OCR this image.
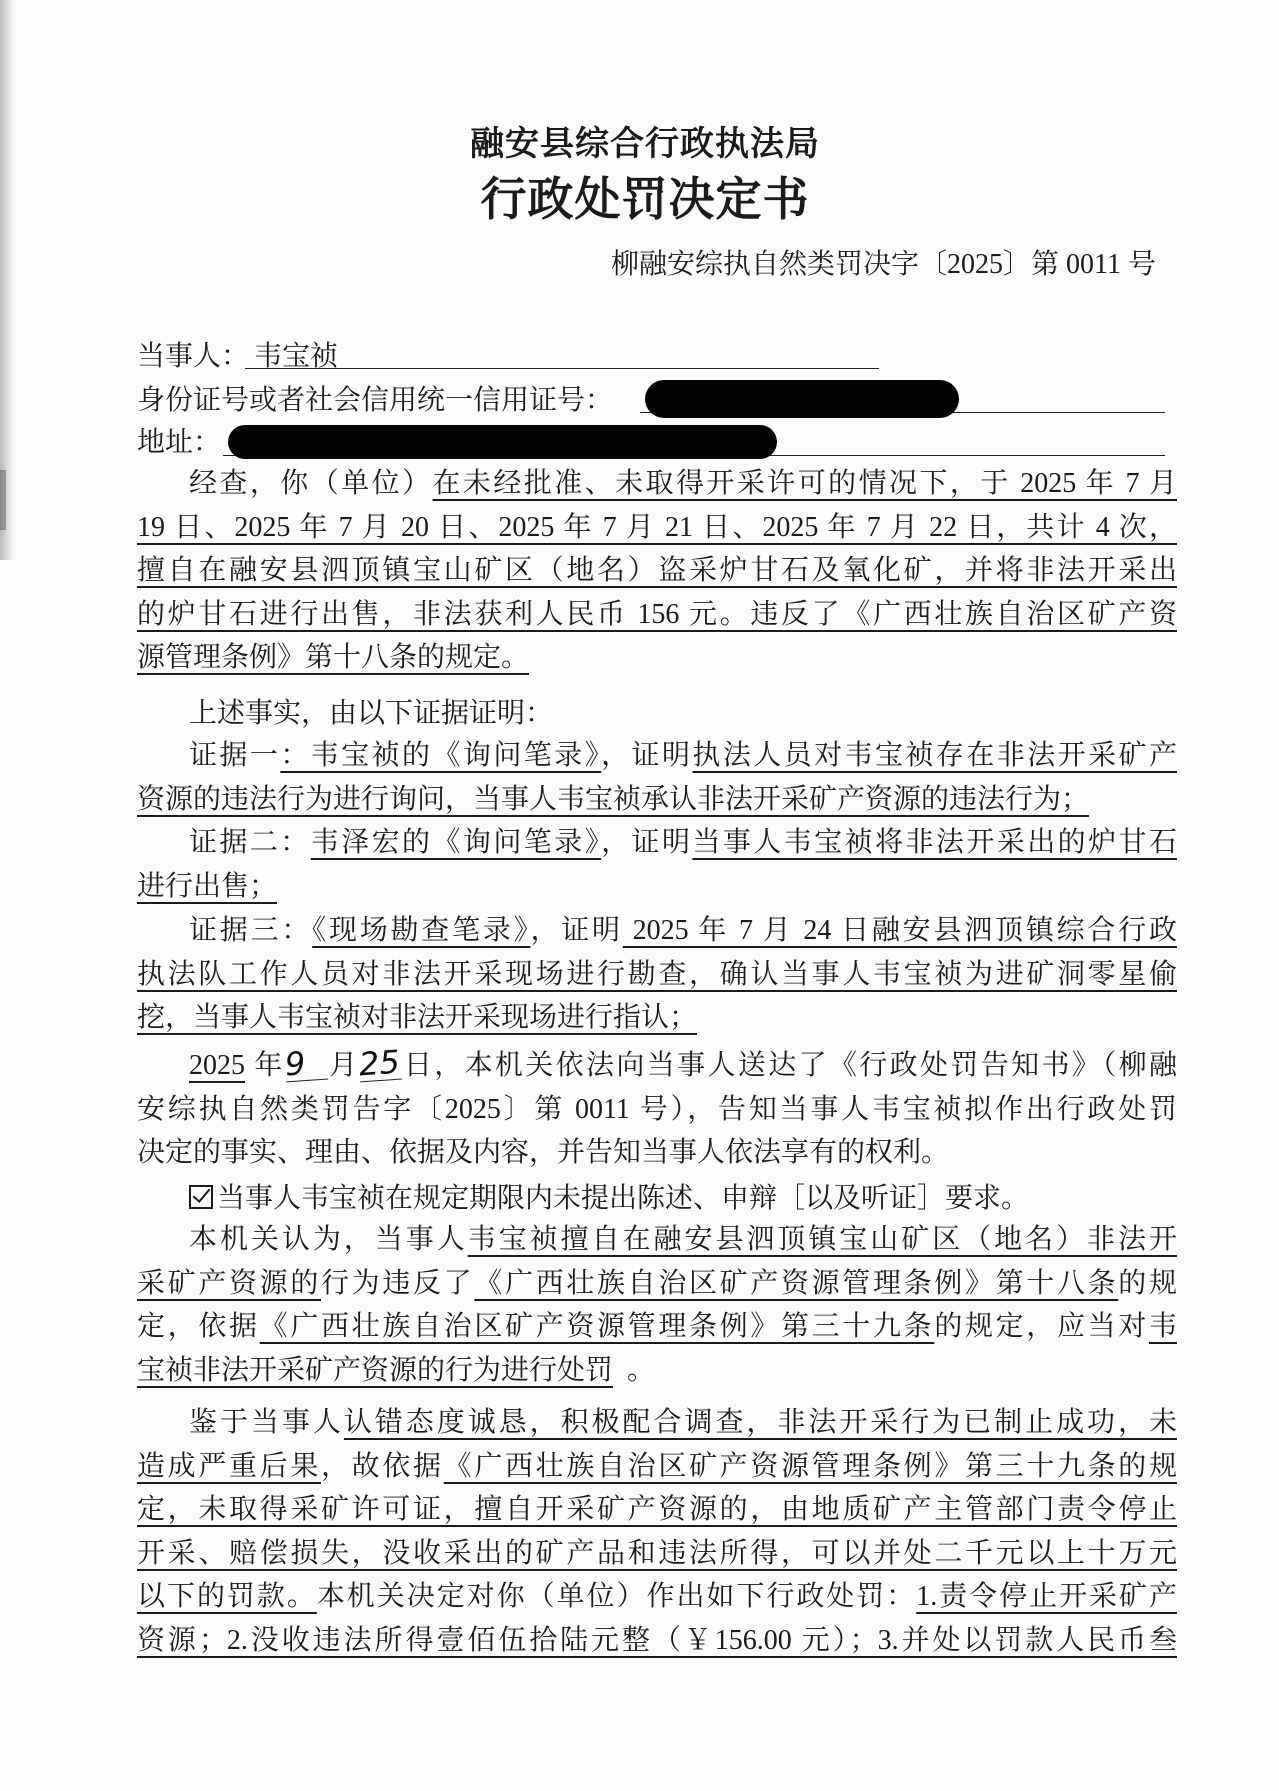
融安县综合行政执法局
行政处罚决定书
柳融安综执自然类罚决字〔2025〕第 0011 号
当事人： 韦宝祯
身份证号或者社会信用统一信用证号：
地址：
经查，你（单位）在未经批准、未取得开采许可的情况下，于 2025 年 7 月
19 日、2025 年 7 月 20 日、2025 年 7 月 21 日、2025 年 7 月 22 日，共计 4 次，
擅自在融安县泗顶镇宝山矿区（地名）盗采炉甘石及氧化矿，并将非法开采出
的炉甘石进行出售，非法获利人民币 156 元。违反了《广西壮族自治区矿产资
源管理条例》第十八条的规定。
上述事实，由以下证据证明：
证据一：韦宝祯的《询问笔录》，证明执法人员对韦宝祯存在非法开采矿产
资源的违法行为进行询问，当事人韦宝祯承认非法开采矿产资源的违法行为；
证据二：韦泽宏的《询问笔录》，证明当事人韦宝祯将非法开采出的炉甘石
进行出售；
证据三：《现场勘查笔录》，证明 2025 年 7 月 24 日融安县泗顶镇综合行政
执法队工作人员对非法开采现场进行勘查，确认当事人韦宝祯为进矿洞零星偷
挖，当事人韦宝祯对非法开采现场进行指认；
2025 年9 月25日，本机关依法向当事人送达了《行政处罚告知书》（柳融
安综执自然类罚告字〔2025〕第 0011 号），告知当事人韦宝祯拟作出行政处罚
决定的事实、理由、依据及内容，并告知当事人依法享有的权利。
当事人韦宝祯在规定期限内未提出陈述、申辩［以及听证］要求。
本机关认为，当事人韦宝祯擅自在融安县泗顶镇宝山矿区（地名）非法开
采矿产资源的行为违反了《广西壮族自治区矿产资源管理条例》第十八条的规
定，依据《广西壮族自治区矿产资源管理条例》第三十九条的规定，应当对韦
宝祯非法开采矿产资源的行为进行处罚 。
鉴于当事人认错态度诚恳，积极配合调查，非法开采行为已制止成功，未
造成严重后果，故依据《广西壮族自治区矿产资源管理条例》第三十九条的规
定，未取得采矿许可证，擅自开采矿产资源的，由地质矿产主管部门责令停止
开采、赔偿损失，没收采出的矿产品和违法所得，可以并处二千元以上十万元
以下的罚款。本机关决定对你（单位）作出如下行政处罚：1.责令停止开采矿产
资源；2.没收违法所得壹佰伍拾陆元整（￥156.00 元）；3.并处以罚款人民币叁
